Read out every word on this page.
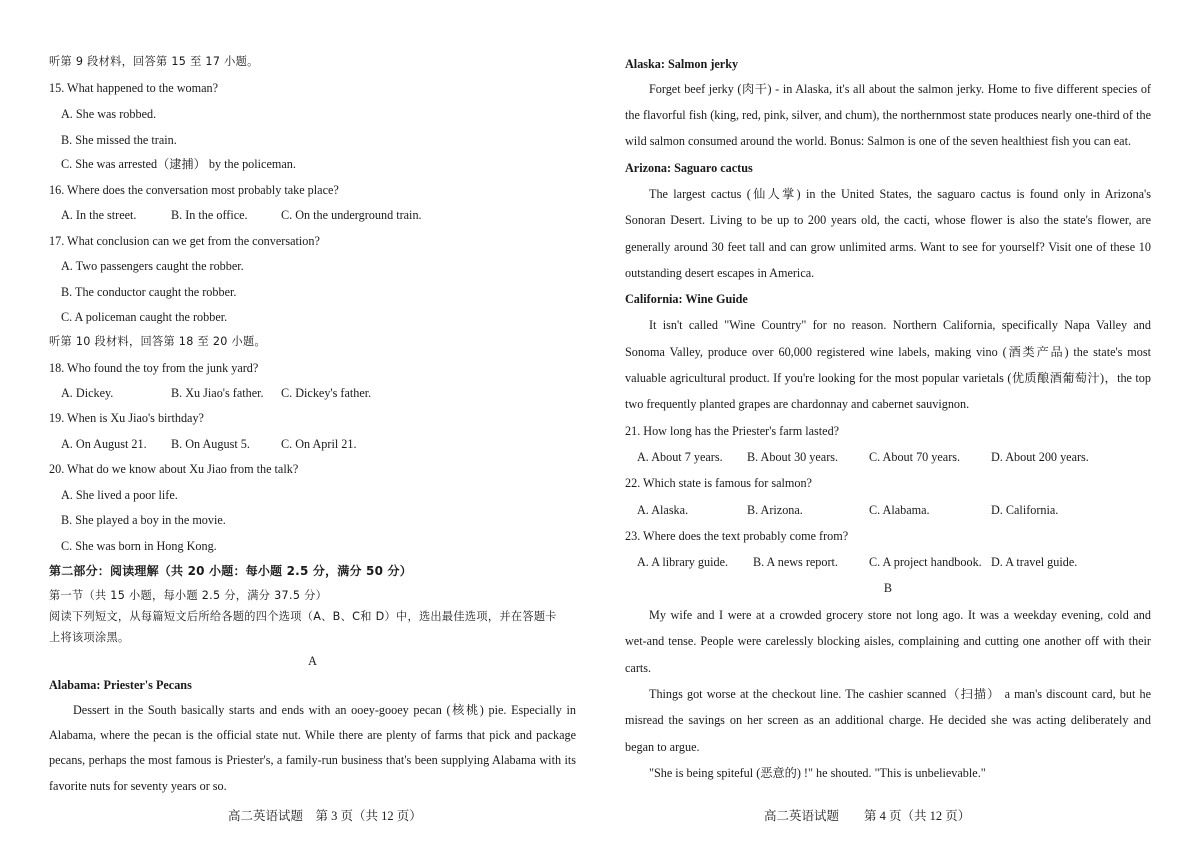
听第 9 段材料，回答第 15 至 17 小题。
15. What happened to the woman?
A. She was robbed.
B. She missed the train.
C. She was arrested（逮捕） by the policeman.
16. Where does the conversation most probably take place?
A. In the street.	B. In the office.	C. On the underground train.
17. What conclusion can we get from the conversation?
A. Two passengers caught the robber.
B. The conductor caught the robber.
C. A policeman caught the robber.
听第 10 段材料，回答第 18 至 20 小题。
18. Who found the toy from the junk yard?
A. Dickey.	B. Xu Jiao's father. C. Dickey's father.
19. When is Xu Jiao's birthday?
A. On August 21. B. On August 5.	C. On April 21.
20. What do we know about Xu Jiao from the talk?
A. She lived a poor life.
B. She played a boy in the movie.
C. She was born in Hong Kong.
第二部分：阅读理解（共 20 小题：每小题 2.5 分，满分 50 分）
第一节（共 15 小题，每小题 2.5 分，满分 37.5 分）
阅读下列短文，从每篇短文后所给各题的四个选项（A、B、C和 D）中，选出最佳选项，并在答题卡
上将该项涂黑。
A
Alabama: Priester's Pecans
Dessert in the South basically starts and ends with an ooey-gooey pecan (核桃) pie. Especially in
Alabama, where the pecan is the official state nut. While there are plenty of farms that pick and package
pecans, perhaps the most famous is Priester's, a family-run business that's been supplying Alabama with its
favorite nuts for seventy years or so.
高二英语试题　第 3 页（共 12 页）
Alaska: Salmon jerky
Forget beef jerky (肉干) - in Alaska, it's all about the salmon jerky. Home to five different species of
the flavorful fish (king, red, pink, silver, and chum), the northernmost state produces nearly one-third of the
wild salmon consumed around the world. Bonus: Salmon is one of the seven healthiest fish you can eat.
Arizona: Saguaro cactus
The largest cactus (仙人掌) in the United States, the saguaro cactus is found only in Arizona's
Sonoran Desert. Living to be up to 200 years old, the cacti, whose flower is also the state's flower, are
generally around 30 feet tall and can grow unlimited arms. Want to see for yourself? Visit one of these 10
outstanding desert escapes in America.
California: Wine Guide
It isn't called "Wine Country" for no reason. Northern California, specifically Napa Valley and
Sonoma Valley, produce over 60,000 registered wine labels, making vino (酒类产品) the state's most
valuable agricultural product. If you're looking for the most popular varietals (优质酿酒葡萄汁)，the top
two frequently planted grapes are chardonnay and cabernet sauvignon.
21. How long has the Priester's farm lasted?
A. About 7 years. B. About 30 years.	C. About 70 years.	D. About 200 years.
22. Which state is famous for salmon?
A. Alaska.	B. Arizona.	C. Alabama.	D. California.
23. Where does the text probably come from?
A. A library guide. B. A news report.	C. A project handbook. D. A travel guide.
B
My wife and I were at a crowded grocery store not long ago. It was a weekday evening, cold and
wet-and tense. People were carelessly blocking aisles, complaining and cutting one another off with their
carts.
Things got worse at the checkout line. The cashier scanned（扫描） a man's discount card, but he
misread the savings on her screen as an additional charge. He decided she was acting deliberately and
began to argue.
"She is being spiteful (恶意的) !" he shouted. "This is unbelievable."
高二英语试题　　第 4 页（共 12 页）
